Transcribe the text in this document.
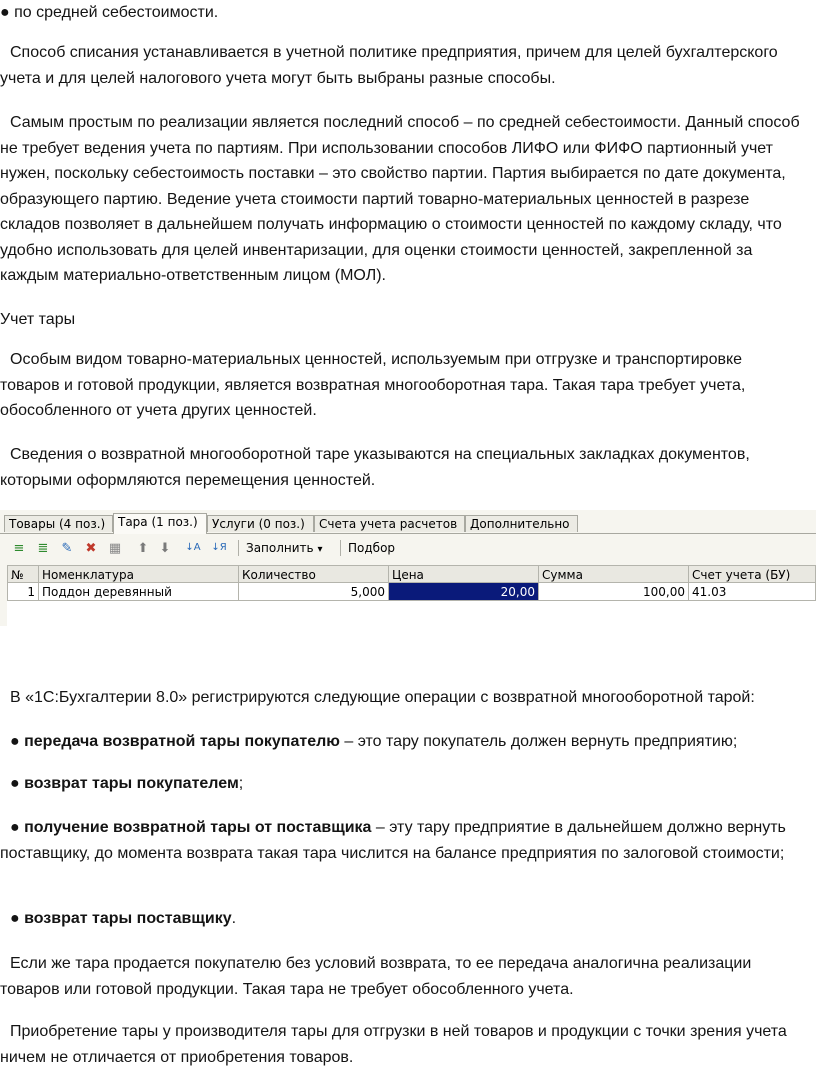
● по средней себестоимости.

Способ списания устанавливается в учетной политике предприятия, причем для целей бухгалтерского учета и для целей налогового учета могут быть выбраны разные способы.

Самым простым по реализации является последний способ – по средней себестоимости. Данный способ не требует ведения учета по партиям. При использовании способов ЛИФО или ФИФО партионный учет нужен, поскольку себестоимость поставки – это свойство партии. Партия выбирается по дате документа, образующего партию. Ведение учета стоимости партий товарно-материальных ценностей в разрезе складов позволяет в дальнейшем получать информацию о стоимости ценностей по каждому складу, что удобно использовать для целей инвентаризации, для оценки стоимости ценностей, закрепленной за каждым материально-ответственным лицом (МОЛ).

Учет тары

Особым видом товарно-материальных ценностей, используемым при отгрузке и транспортировке товаров и готовой продукции, является возвратная многооборотная тара. Такая тара требует учета, обособленного от учета других ценностей.

Сведения о возвратной многооборотной таре указываются на специальных закладках документов, которыми оформляются перемещения ценностей.

Товары (4 поз.)	Тара (1 поз.)	Услуги (0 поз.)	Счета учета расчетов	Дополнительно
≡ ≣ ✎ ✖ ▦ ⬆ ⬇	↓A ↓Я Заполнить ▾ Подбор
№	Номенклатура	Количество	Цена	Сумма	Счет учета (БУ)
1 Поддон деревянный	5,000	20,00	100,00 41.03

В «1С:Бухгалтерии 8.0» регистрируются следующие операции с возвратной многооборотной тарой:

● передача возвратной тары покупателю – это тару покупатель должен вернуть предприятию;

● возврат тары покупателем;

● получение возвратной тары от поставщика – эту тару предприятие в дальнейшем должно вернуть поставщику, до момента возврата такая тара числится на балансе предприятия по залоговой стоимости;

● возврат тары поставщику.

Если же тара продается покупателю без условий возврата, то ее передача аналогична реализации товаров или готовой продукции. Такая тара не требует обособленного учета.

Приобретение тары у производителя тары для отгрузки в ней товаров и продукции с точки зрения учета ничем не отличается от приобретения товаров.
